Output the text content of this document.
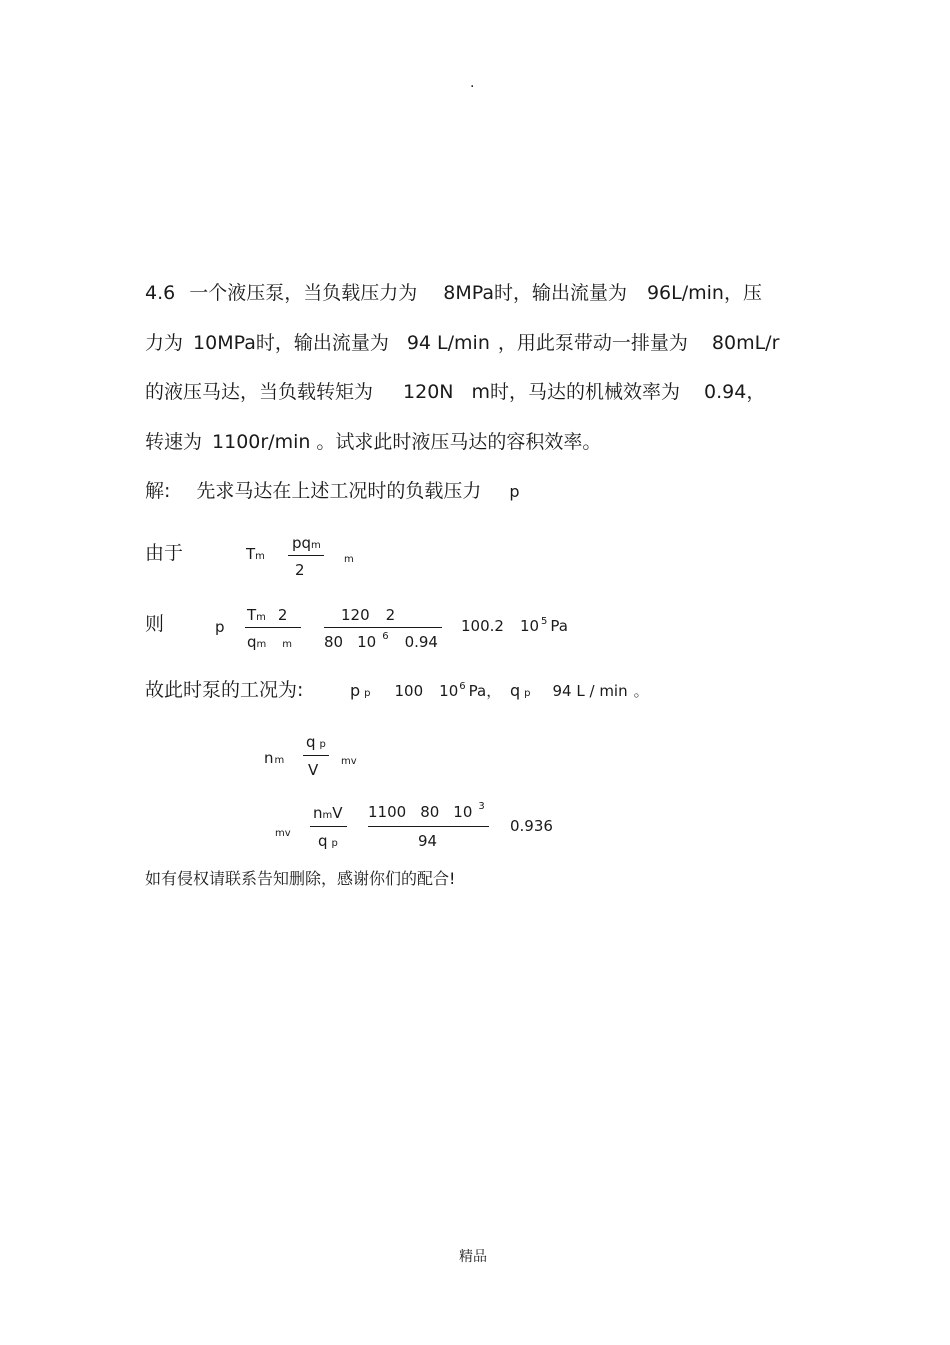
.
4.6 一个液压泵，当负载压力为 8MPa时，输出流量为 96L/min，压
力为 10MPa时，输出流量为 94 L/min ，用此泵带动一排量为 80mL/r
的液压马达，当负载转矩为 120N m时，马达的机械效率为 0.94，
转速为 1100r/min 。试求此时液压马达的容积效率。
解: 先求马达在上述工况时的负载压力 p
由于	Tm
pqm
2
m
则	p
Tm 2
qm m
120 2
80 10 $^6$ 0.94
100.2 10 $^5$ Pa
故此时泵的工况为:	pp 100 $10^6$ Pa， qp 94 L / min 。
nm
qp
V mv
mv
nmV
qp
1100 80 10 $^3$
94
0.936
如有侵权请联系告知删除，感谢你们的配合!
精品
